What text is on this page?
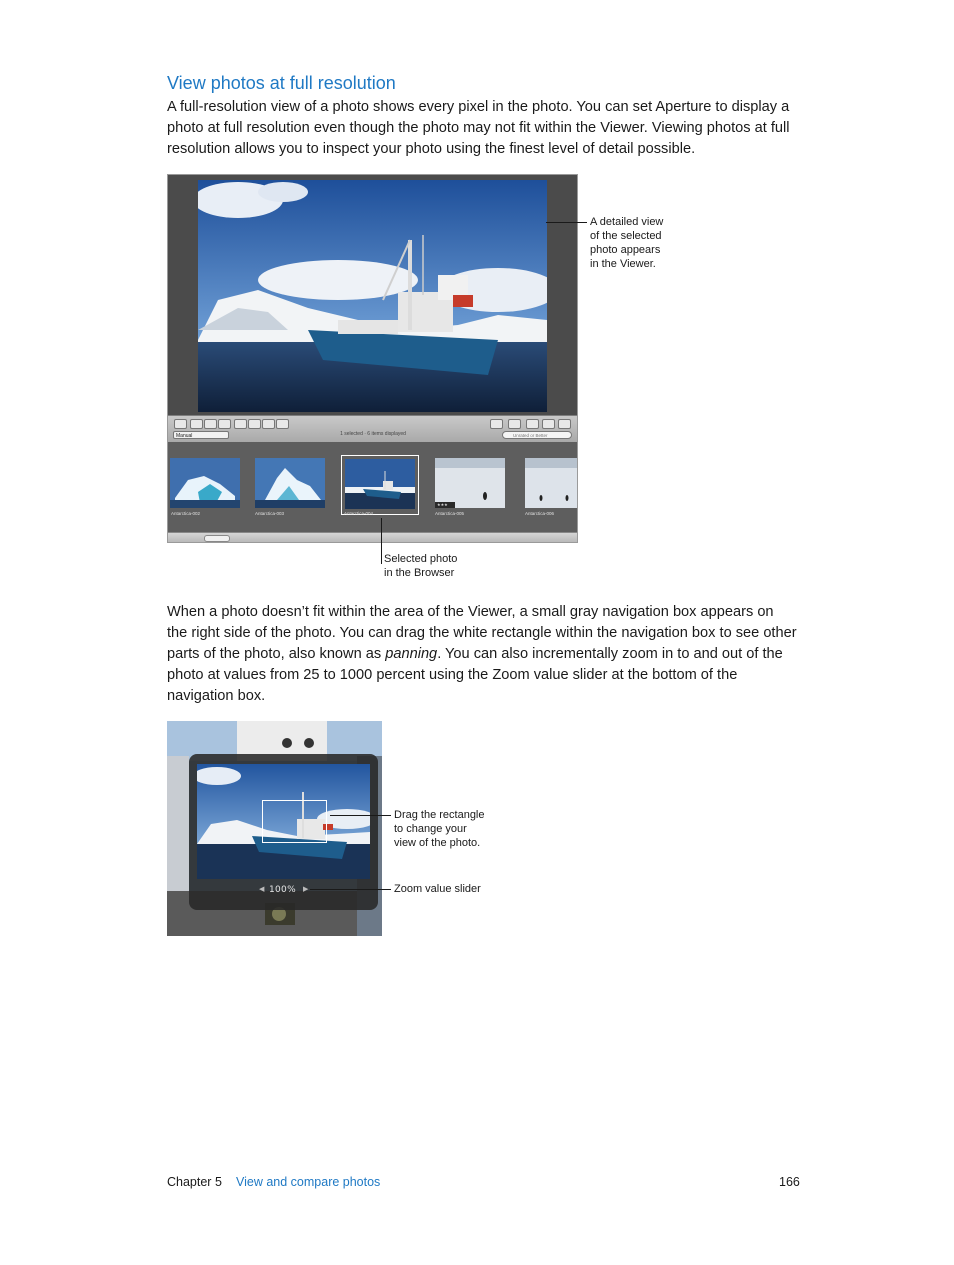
View photos at full resolution

A full-resolution view of a photo shows every pixel in the photo. You can set Aperture to display a photo at full resolution even though the photo may not fit within the Viewer. Viewing photos at full resolution allows you to inspect your photo using the finest level of detail possible.

Manual	1 selected · 6 items displayed	Unrated or Better
Antarctica-002	Antarctica-003	Antarctica-004
★★★
Antarctica-005	Antarctica-006
A detailed view
of the selected
photo appears
in the Viewer.
Selected photo
in the Browser

When a photo doesn’t fit within the area of the Viewer, a small gray navigation box appears on the right side of the photo. You can drag the white rectangle within the navigation box to see other parts of the photo, also known as panning. You can also incrementally zoom in to and out of the photo at values from 25 to 1000 percent using the Zoom value slider at the bottom of the navigation box.

◀ 100% ▶
Drag the rectangle
to change your
view of the photo.
Zoom value slider
Chapter 5 View and compare photos	166
